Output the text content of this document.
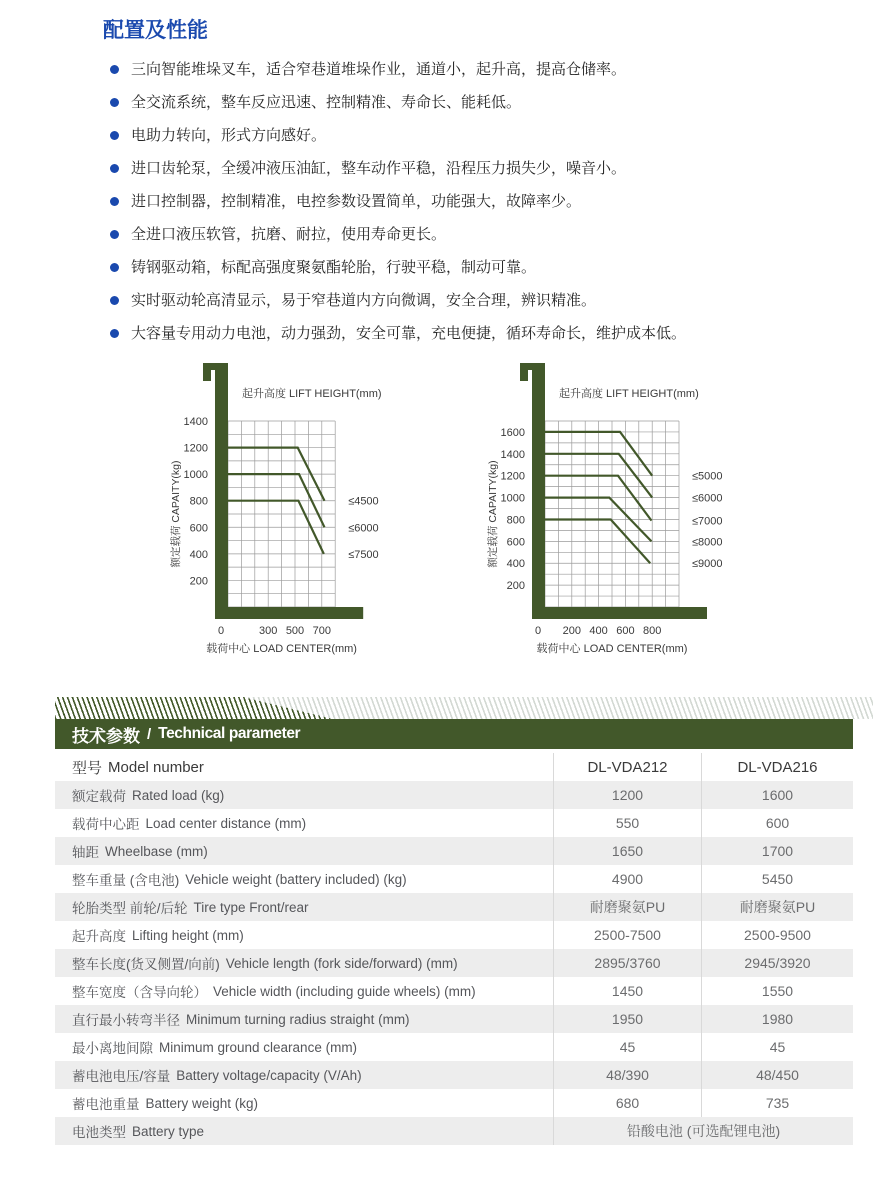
配置及性能
三向智能堆垛叉车，适合窄巷道堆垛作业，通道小，起升高，提高仓储率。
全交流系统，整车反应迅速、控制精准、寿命长、能耗低。
电助力转向，形式方向感好。
进口齿轮泵，全缓冲液压油缸，整车动作平稳，沿程压力损失少，噪音小。
进口控制器，控制精准，电控参数设置简单，功能强大，故障率少。
全进口液压软管，抗磨、耐拉，使用寿命更长。
铸钢驱动箱，标配高强度聚氨酯轮胎，行驶平稳，制动可靠。
实时驱动轮高清显示，易于窄巷道内方向微调，安全合理，辨识精准。
大容量专用动力电池，动力强劲，安全可靠，充电便捷，循环寿命长，维护成本低。
起升高度 LIFT HEIGHT(mm)
200
400
600
800
1000
1200
1400
额定载荷 CAPAITY(kg)
0	300 500 700
载荷中心 LOAD CENTER(mm)
≤4500
≤6000
≤7500
起升高度 LIFT HEIGHT(mm)
200
400
600
800
1000
1200
1400
1600
额定载荷 CAPAITY(kg)
0 200 400 600 800
载荷中心 LOAD CENTER(mm)
≤5000
≤6000
≤7000
≤8000
≤9000
技术参数 / Technical parameter
型号 Model number	DL-VDA212	DL-VDA216
额定载荷 Rated load (kg)	1200	1600
载荷中心距 Load center distance (mm)	550	600
轴距 Wheelbase (mm)	1650	1700
整车重量 (含电池) Vehicle weight (battery included) (kg)	4900	5450
轮胎类型 前轮/后轮 Tire type Front/rear	耐磨聚氨PU	耐磨聚氨PU
起升高度 Lifting height (mm)	2500-7500	2500-9500
整车长度(货叉侧置/向前) Vehicle length (fork side/forward) (mm)	2895/3760	2945/3920
整车宽度（含导向轮） Vehicle width (including guide wheels) (mm)	1450	1550
直行最小转弯半径 Minimum turning radius straight (mm)	1950	1980
最小离地间隙 Minimum ground clearance (mm)	45	45
蓄电池电压/容量 Battery voltage/capacity (V/Ah)	48/390	48/450
蓄电池重量 Battery weight (kg)	680	735
电池类型 Battery type	铅酸电池 (可选配锂电池)
